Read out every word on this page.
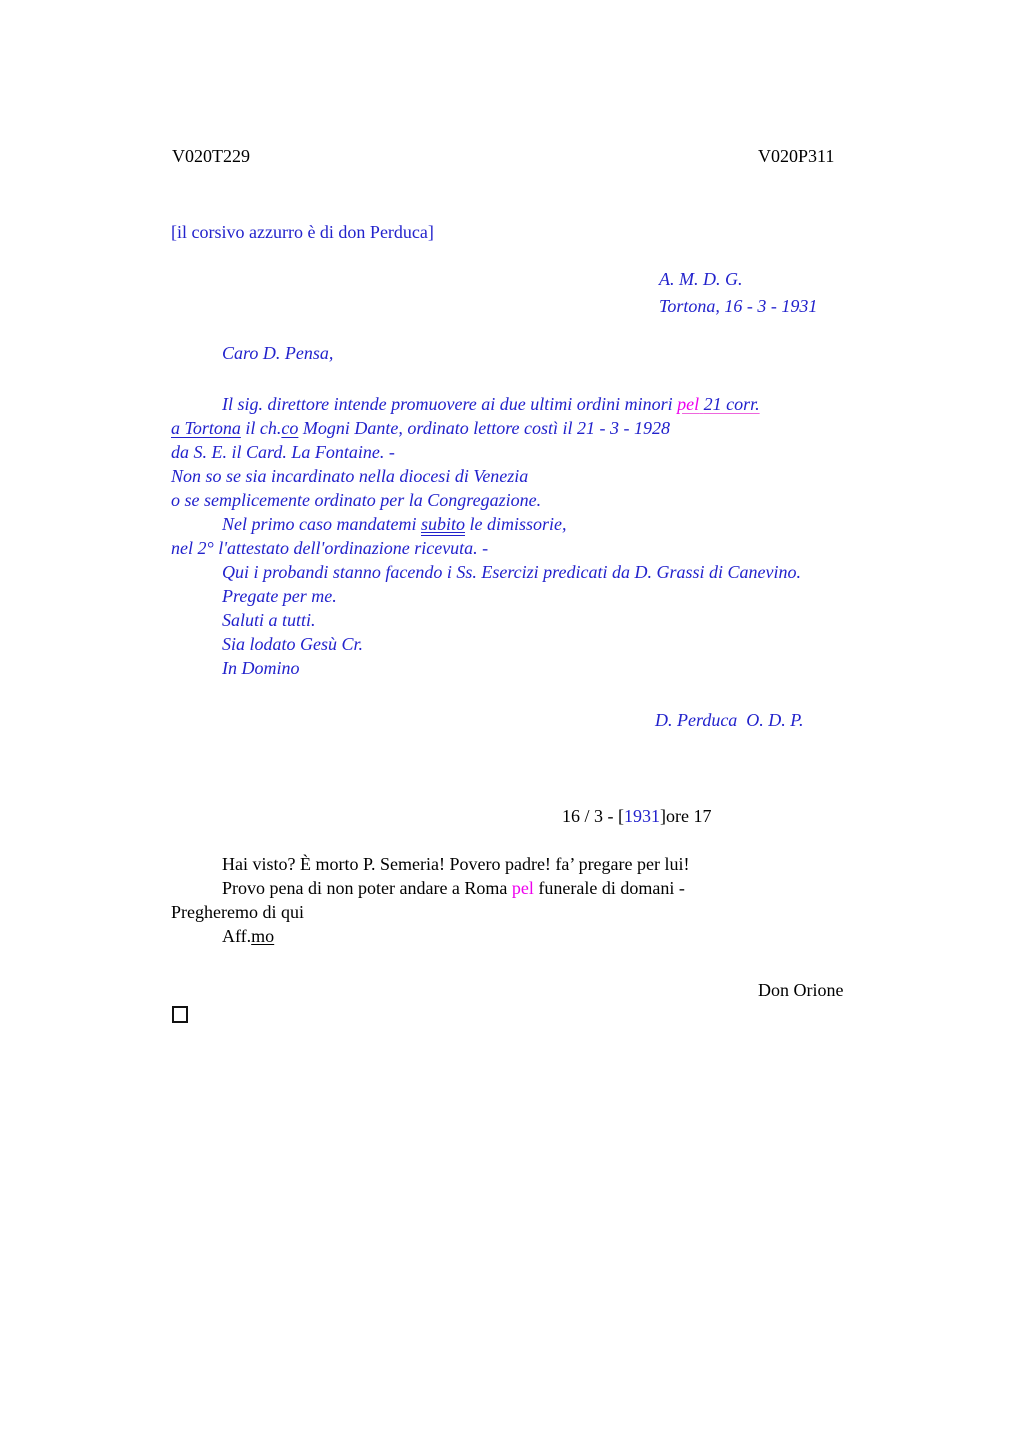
V020T229	V020P311
[il corsivo azzurro è di don Perduca]
A. M. D. G.
Tortona, 16 - 3 - 1931
Caro D. Pensa,
Il sig. direttore intende promuovere ai due ultimi ordini minori pel 21 corr.
a Tortona il ch.co Mogni Dante, ordinato lettore costì il 21 - 3 - 1928
da S. E. il Card. La Fontaine. -
Non so se sia incardinato nella diocesi di Venezia
o se semplicemente ordinato per la Congregazione.
Nel primo caso mandatemi subito le dimissorie,
nel 2° l'attestato dell'ordinazione ricevuta. -
Qui i probandi stanno facendo i Ss. Esercizi predicati da D. Grassi di Canevino.
Pregate per me.
Saluti a tutti.
Sia lodato Gesù Cr.
In Domino
D. Perduca  O. D. P.
16 / 3 - [1931]ore 17
Hai visto? È morto P. Semeria! Povero padre! fa’ pregare per lui!
Provo pena di non poter andare a Roma pel funerale di domani -
Pregheremo di qui
Aff.mo
Don Orione
